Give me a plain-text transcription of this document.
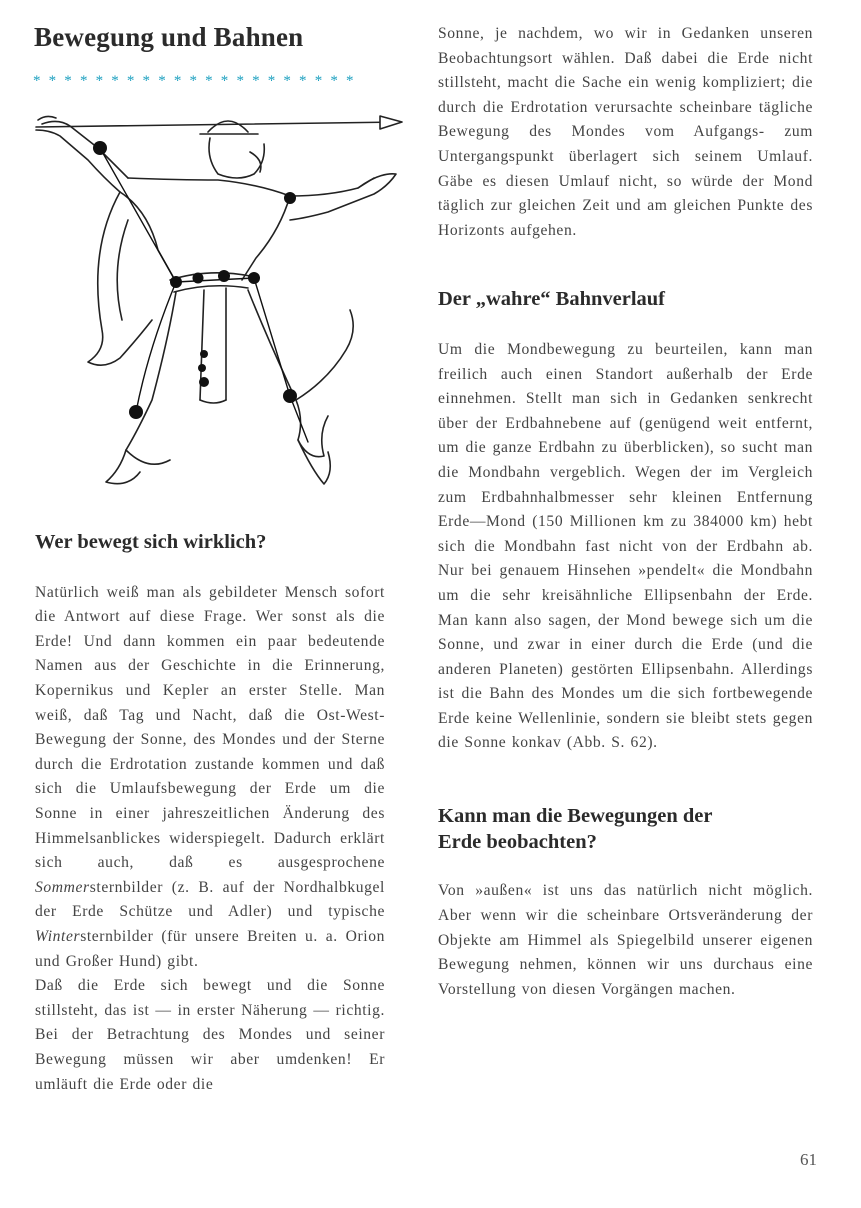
Bewegung und Bahnen
* * * * * * * * * * * * * * * * * * * * *
Wer bewegt sich wirklich?

Natürlich weiß man als gebildeter Mensch sofort die Antwort auf diese Frage. Wer sonst als die Erde! Und dann kommen ein paar bedeutende Namen aus der Geschichte in die Erinnerung, Kopernikus und Kepler an erster Stelle. Man weiß, daß Tag und Nacht, daß die Ost-West-Bewegung der Sonne, des Mondes und der Sterne durch die Erdrotation zustande kommen und daß sich die Umlaufsbewegung der Erde um die Sonne in einer jahreszeitlichen Änderung des Himmelsanblickes widerspiegelt. Dadurch erklärt sich auch, daß es ausgesprochene Sommersternbilder (z. B. auf der Nordhalbkugel der Erde Schütze und Adler) und typische Wintersternbilder (für unsere Breiten u. a. Orion und Großer Hund) gibt.

Daß die Erde sich bewegt und die Sonne stillsteht, das ist — in erster Näherung — richtig. Bei der Betrachtung des Mondes und seiner Bewegung müssen wir aber umdenken! Er umläuft die Erde oder die

Sonne, je nachdem, wo wir in Gedanken unseren Beobachtungsort wählen. Daß dabei die Erde nicht stillsteht, macht die Sache ein wenig kompliziert; die durch die Erdrotation verursachte scheinbare tägliche Bewegung des Mondes vom Aufgangs- zum Untergangspunkt überlagert sich seinem Umlauf. Gäbe es diesen Umlauf nicht, so würde der Mond täglich zur gleichen Zeit und am gleichen Punkte des Horizonts aufgehen.

Der „wahre“ Bahnverlauf

Um die Mondbewegung zu beurteilen, kann man freilich auch einen Standort außerhalb der Erde einnehmen. Stellt man sich in Gedanken senkrecht über der Erdbahnebene auf (genügend weit entfernt, um die ganze Erdbahn zu überblicken), so sucht man die Mondbahn vergeblich. Wegen der im Vergleich zum Erdbahnhalbmesser sehr kleinen Entfernung Erde—Mond (150 Millionen km zu 384000 km) hebt sich die Mondbahn fast nicht von der Erdbahn ab. Nur bei genauem Hinsehen »pendelt« die Mondbahn um die sehr kreisähnliche Ellipsenbahn der Erde. Man kann also sagen, der Mond bewege sich um die Sonne, und zwar in einer durch die Erde (und die anderen Planeten) gestörten Ellipsenbahn. Allerdings ist die Bahn des Mondes um die sich fortbewegende Erde keine Wellenlinie, sondern sie bleibt stets gegen die Sonne konkav (Abb. S. 62).

Kann man die Bewegungen der Erde beobachten?

Von »außen« ist uns das natürlich nicht möglich. Aber wenn wir die scheinbare Ortsveränderung der Objekte am Himmel als Spiegelbild unserer eigenen Bewegung nehmen, können wir uns durchaus eine Vorstellung von diesen Vorgängen machen.

61
